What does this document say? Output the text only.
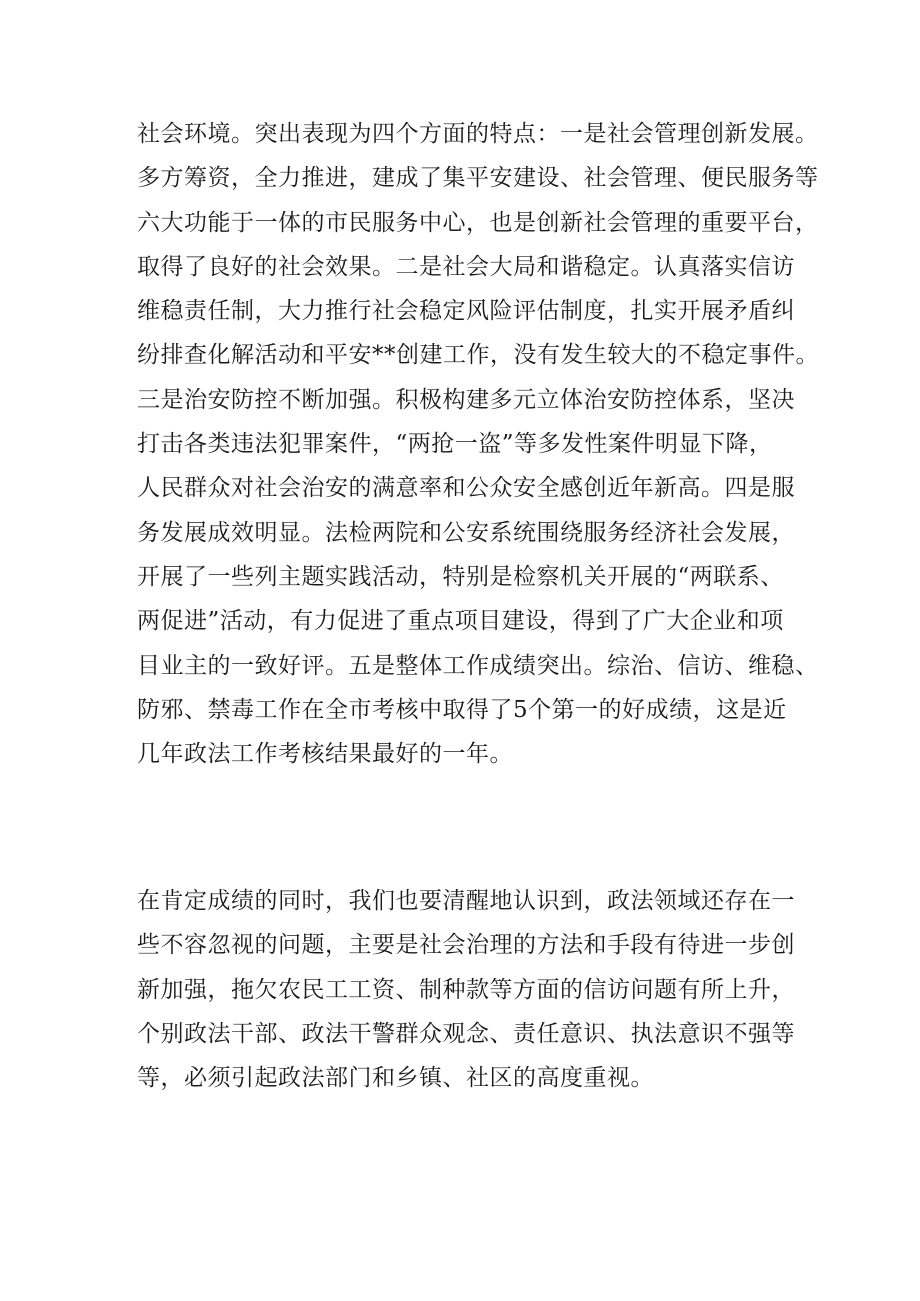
社会环境。突出表现为四个方面的特点：一是社会管理创新发展。
多方筹资，全力推进，建成了集平安建设、社会管理、便民服务等
六大功能于一体的市民服务中心，也是创新社会管理的重要平台，
取得了良好的社会效果。二是社会大局和谐稳定。认真落实信访
维稳责任制，大力推行社会稳定风险评估制度，扎实开展矛盾纠
纷排查化解活动和平安**创建工作，没有发生较大的不稳定事件。
三是治安防控不断加强。积极构建多元立体治安防控体系，坚决
打击各类违法犯罪案件，“两抢一盗”等多发性案件明显下降，
人民群众对社会治安的满意率和公众安全感创近年新高。四是服
务发展成效明显。法检两院和公安系统围绕服务经济社会发展，
开展了一些列主题实践活动，特别是检察机关开展的“两联系、
两促进”活动，有力促进了重点项目建设，得到了广大企业和项
目业主的一致好评。五是整体工作成绩突出。综治、信访、维稳、
防邪、禁毒工作在全市考核中取得了5个第一的好成绩，这是近
几年政法工作考核结果最好的一年。
在肯定成绩的同时，我们也要清醒地认识到，政法领域还存在一
些不容忽视的问题，主要是社会治理的方法和手段有待进一步创
新加强，拖欠农民工工资、制种款等方面的信访问题有所上升，
个别政法干部、政法干警群众观念、责任意识、执法意识不强等
等，必须引起政法部门和乡镇、社区的高度重视。
